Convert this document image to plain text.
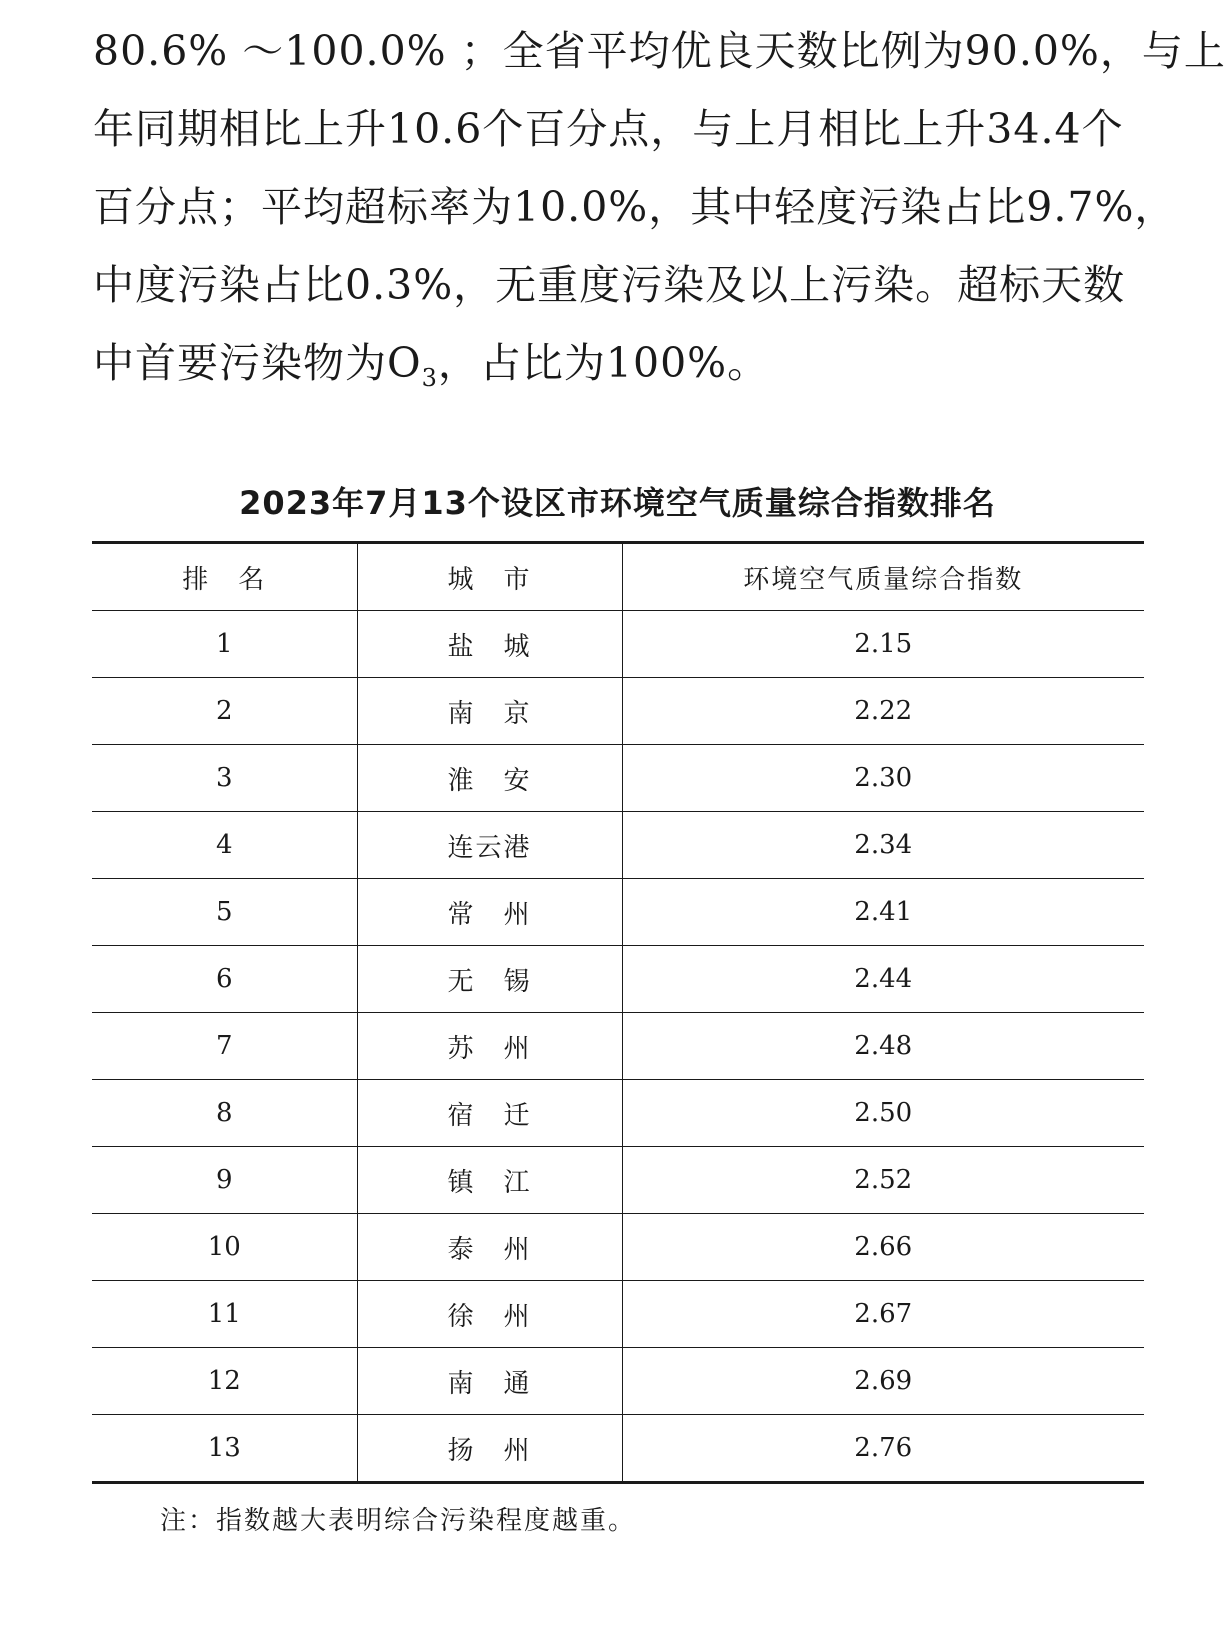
80.6% ～100.0% ；全省平均优良天数比例为90.0%，与上
年同期相比上升10.6个百分点，与上月相比上升34.4个
百分点；平均超标率为10.0%，其中轻度污染占比9.7%，
中度污染占比0.3%，无重度污染及以上污染。超标天数
中首要污染物为$O_3$，占比为100%。
2023年7月13个设区市环境空气质量综合指数排名
排　名	城　市	环境空气质量综合指数
1	盐　城	2.15
2	南　京	2.22
3	淮　安	2.30
4	连云港	2.34
5	常　州	2.41
6	无　锡	2.44
7	苏　州	2.48
8	宿　迁	2.50
9	镇　江	2.52
10	泰　州	2.66
11	徐　州	2.67
12	南　通	2.69
13	扬　州	2.76
注：指数越大表明综合污染程度越重。
